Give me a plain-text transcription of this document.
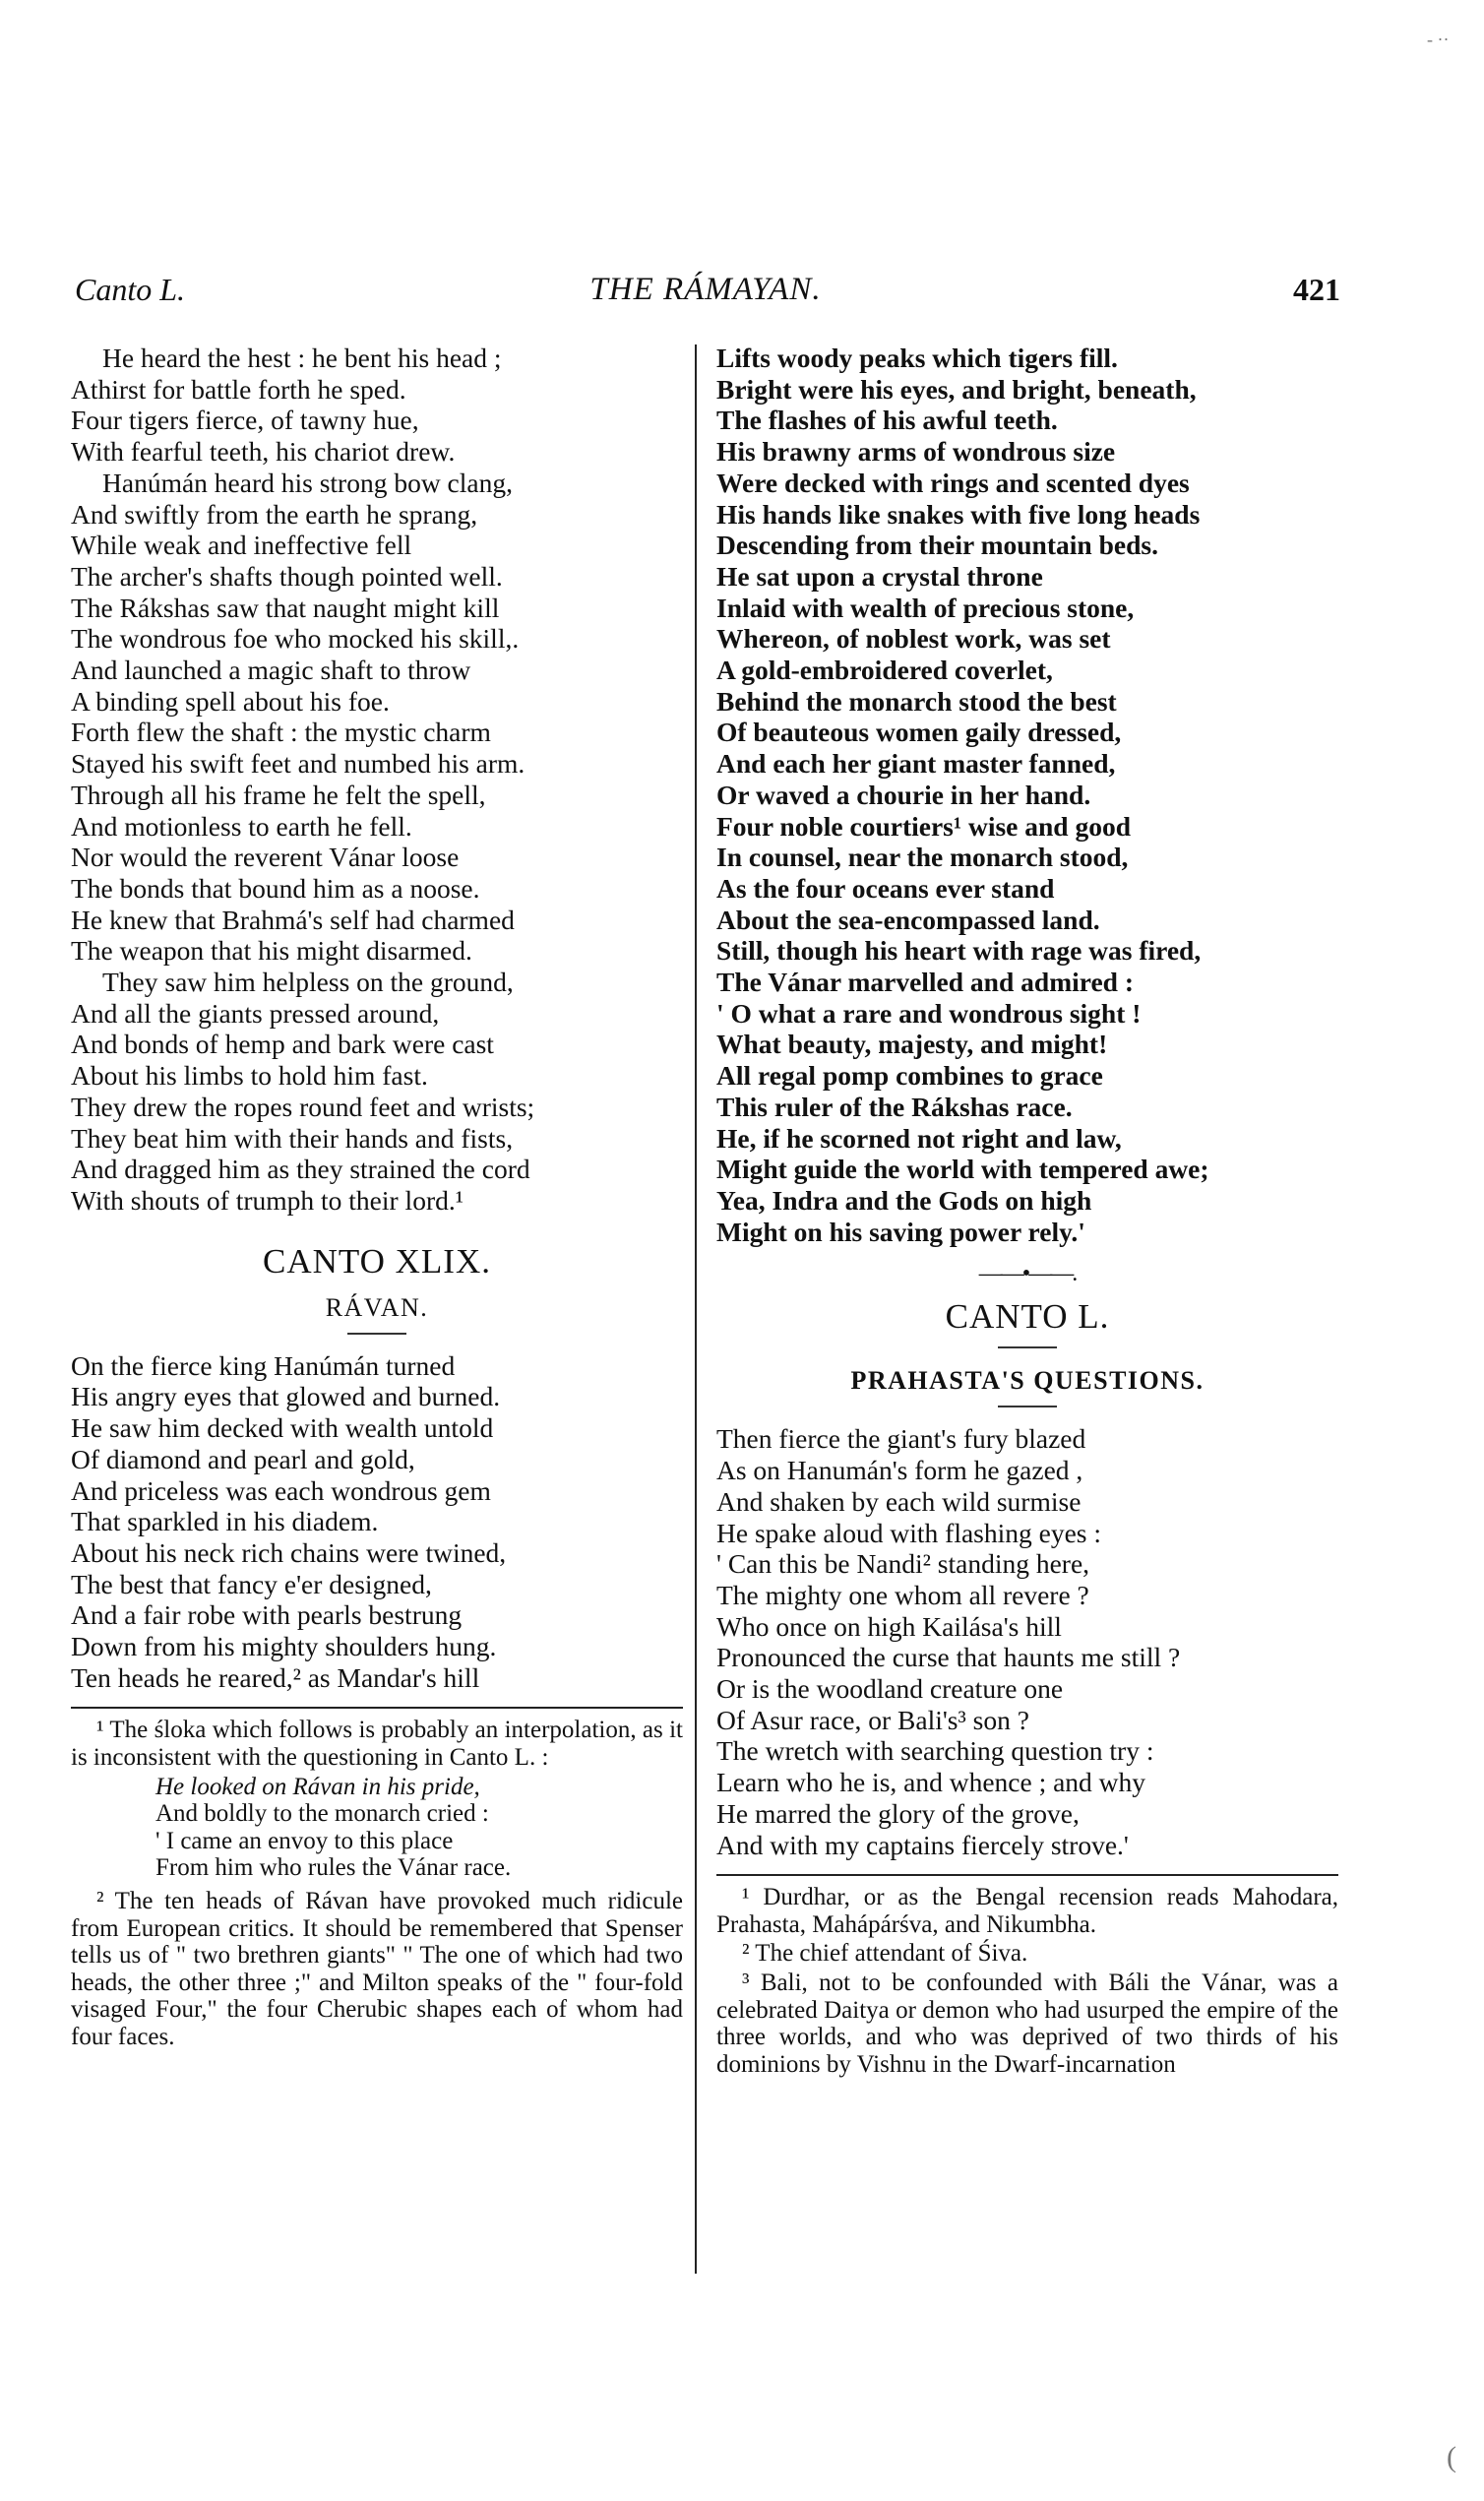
Canto L.	THE RÁMAYAN.	421
He heard the hest : he bent his head ;
Athirst for battle forth he sped.
Four tigers fierce, of tawny hue,
With fearful teeth, his chariot drew.
Hanúmán heard his strong bow clang,
And swiftly from the earth he sprang,
While weak and ineffective fell
The archer's shafts though pointed well.
The Rákshas saw that naught might kill
The wondrous foe who mocked his skill,.
And launched a magic shaft to throw
A binding spell about his foe.
Forth flew the shaft : the mystic charm
Stayed his swift feet and numbed his arm.
Through all his frame he felt the spell,
And motionless to earth he fell.
Nor would the reverent Vánar loose
The bonds that bound him as a noose.
He knew that Brahmá's self had charmed
The weapon that his might disarmed.
They saw him helpless on the ground,
And all the giants pressed around,
And bonds of hemp and bark were cast
About his limbs to hold him fast.
They drew the ropes round feet and wrists;
They beat him with their hands and fists,
And dragged him as they strained the cord
With shouts of trumph to their lord.¹
CANTO XLIX.
RÁVAN.
On the fierce king Hanúmán turned
His angry eyes that glowed and burned.
He saw him decked with wealth untold
Of diamond and pearl and gold,
And priceless was each wondrous gem
That sparkled in his diadem.
About his neck rich chains were twined,
The best that fancy e'er designed,
And a fair robe with pearls bestrung
Down from his mighty shoulders hung.
Ten heads he reared,² as Mandar's hill

¹ The śloka which follows is probably an interpolation, as it is inconsistent with the questioning in Canto L. :

He looked on Rávan in his pride,
And boldly to the monarch cried :
' I came an envoy to this place
From him who rules the Vánar race.

² The ten heads of Rávan have provoked much ridicule from European critics. It should be remembered that Spenser tells us of " two brethren giants" " The one of which had two heads, the other three ;" and Milton speaks of the " four-fold visaged Four," the four Cherubic shapes each of whom had four faces.

Lifts woody peaks which tigers fill.
Bright were his eyes, and bright, beneath,
The flashes of his awful teeth.
His brawny arms of wondrous size
Were decked with rings and scented dyes
His hands like snakes with five long heads
Descending from their mountain beds.
He sat upon a crystal throne
Inlaid with wealth of precious stone,
Whereon, of noblest work, was set
A gold-embroidered coverlet,
Behind the monarch stood the best
Of beauteous women gaily dressed,
And each her giant master fanned,
Or waved a chourie in her hand.
Four noble courtiers¹ wise and good
In counsel, near the monarch stood,
As the four oceans ever stand
About the sea-encompassed land.
Still, though his heart with rage was fired,
The Vánar marvelled and admired :
' O what a rare and wondrous sight !
What beauty, majesty, and might!
All regal pomp combines to grace
This ruler of the Rákshas race.
He, if he scorned not right and law,
Might guide the world with tempered awe;
Yea, Indra and the Gods on high
Might on his saving power rely.'
——•——.
CANTO L.
PRAHASTA'S QUESTIONS.
Then fierce the giant's fury blazed
As on Hanumán's form he gazed ,
And shaken by each wild surmise
He spake aloud with flashing eyes :
' Can this be Nandi² standing here,
The mighty one whom all revere ?
Who once on high Kailása's hill
Pronounced the curse that haunts me still ?
Or is the woodland creature one
Of Asur race, or Bali's³ son ?
The wretch with searching question try :
Learn who he is, and whence ; and why
He marred the glory of the grove,
And with my captains fiercely strove.'

¹ Durdhar, or as the Bengal recension reads Mahodara, Prahasta, Mahápárśva, and Nikumbha.

² The chief attendant of Śiva.

³ Bali, not to be confounded with Báli the Vánar, was a celebrated Daitya or demon who had usurped the empire of the three worlds, and who was deprived of two thirds of his dominions by Vishnu in the Dwarf-incarnation

- ··
(
